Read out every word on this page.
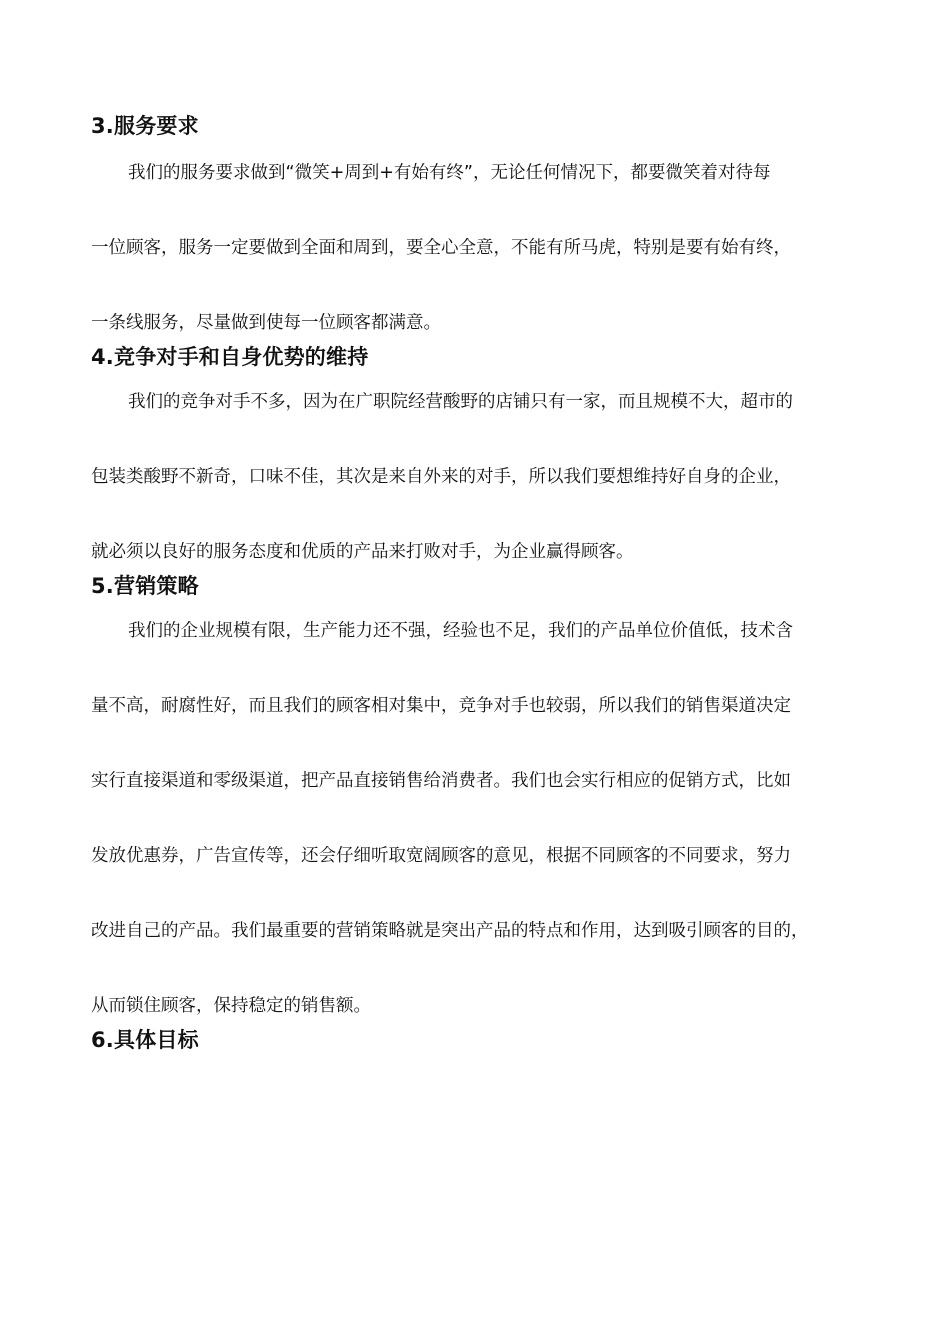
3.服务要求

我们的服务要求做到“微笑+周到+有始有终”，无论任何情况下，都要微笑着对待每
一位顾客，服务一定要做到全面和周到，要全心全意，不能有所马虎，特别是要有始有终，
一条线服务，尽量做到使每一位顾客都满意。

4.竞争对手和自身优势的维持

我们的竞争对手不多，因为在广职院经营酸野的店铺只有一家，而且规模不大，超市的
包装类酸野不新奇，口味不佳，其次是来自外来的对手，所以我们要想维持好自身的企业，
就必须以良好的服务态度和优质的产品来打败对手，为企业赢得顾客。

5.营销策略

我们的企业规模有限，生产能力还不强，经验也不足，我们的产品单位价值低，技术含
量不高，耐腐性好，而且我们的顾客相对集中，竞争对手也较弱，所以我们的销售渠道决定
实行直接渠道和零级渠道，把产品直接销售给消费者。我们也会实行相应的促销方式，比如
发放优惠券，广告宣传等，还会仔细听取宽阔顾客的意见，根据不同顾客的不同要求，努力
改进自己的产品。我们最重要的营销策略就是突出产品的特点和作用，达到吸引顾客的目的，
从而锁住顾客，保持稳定的销售额。

6.具体目标
